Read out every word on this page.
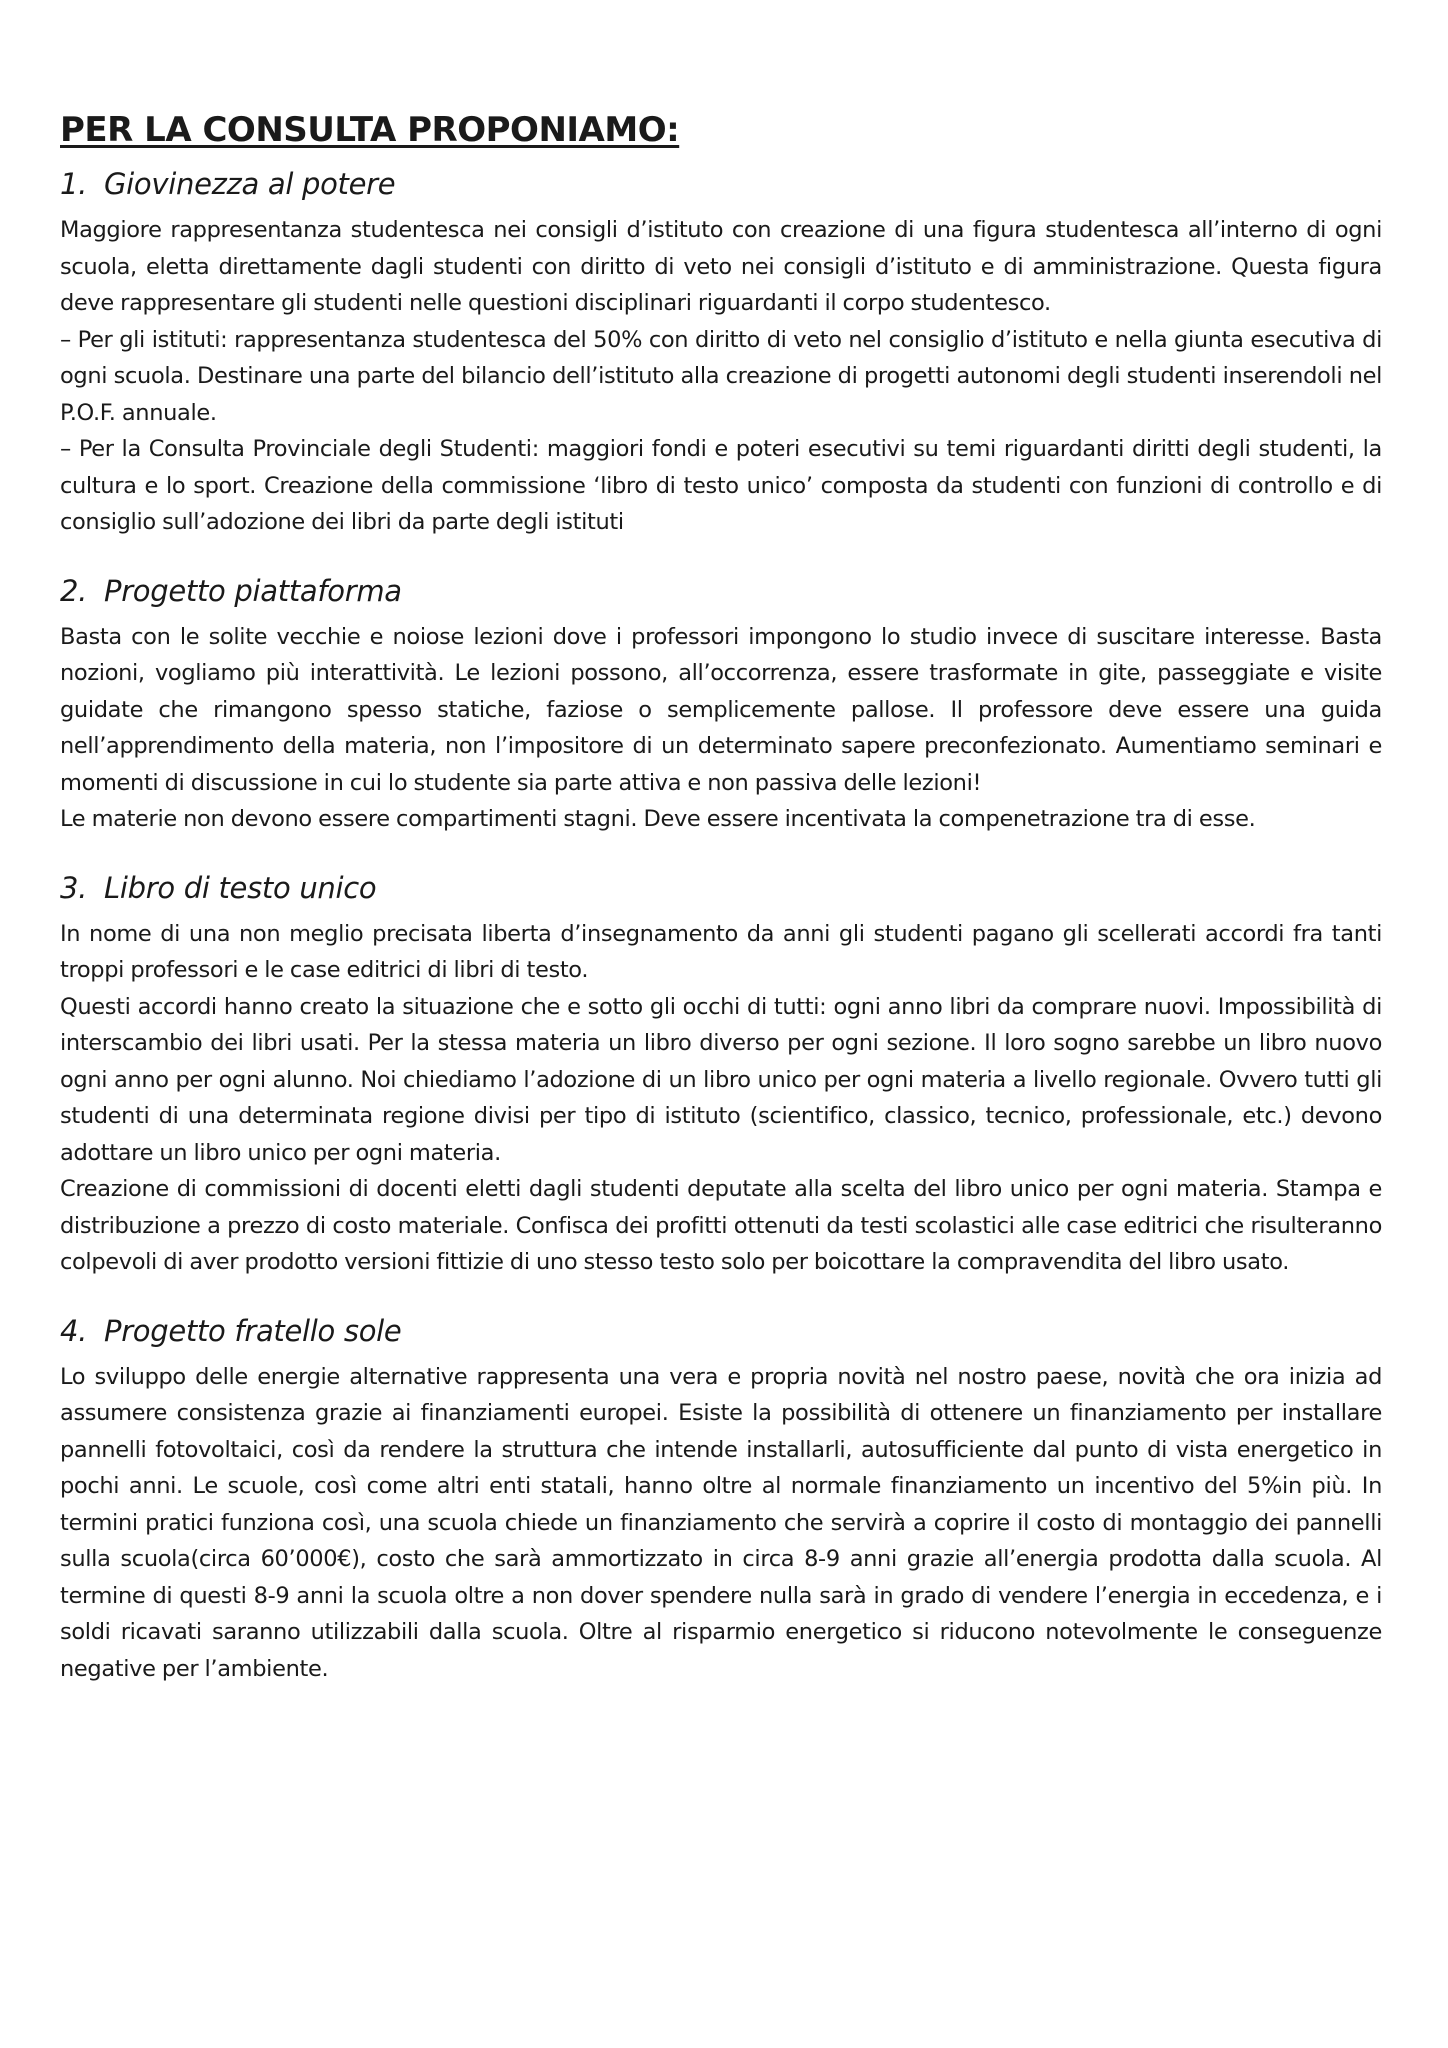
PER LA CONSULTA PROPONIAMO:
1. Giovinezza al potere

Maggiore rappresentanza studentesca nei consigli d’istituto con creazione di una figura studentesca all’interno di ogni scuola, eletta direttamente dagli studenti con diritto di veto nei consigli d’istituto e di amministrazione. Questa figura deve rappresentare gli studenti nelle questioni disciplinari riguardanti il corpo studentesco.

– Per gli istituti: rappresentanza studentesca del 50% con diritto di veto nel consiglio d’istituto e nella giunta esecutiva di ogni scuola. Destinare una parte del bilancio dell’istituto alla creazione di progetti autonomi degli studenti inserendoli nel P.O.F. annuale.

– Per la Consulta Provinciale degli Studenti: maggiori fondi e poteri esecutivi su temi riguardanti diritti degli studenti, la cultura e lo sport. Creazione della commissione ‘libro di testo unico’ composta da studenti con funzioni di controllo e di consiglio sull’adozione dei libri da parte degli istituti

2. Progetto piattaforma

Basta con le solite vecchie e noiose lezioni dove i professori impongono lo studio invece di suscitare interesse. Basta nozioni, vogliamo più interattività. Le lezioni possono, all’occorrenza, essere trasformate in gite, passeggiate e visite guidate che rimangono spesso statiche, faziose o semplicemente pallose. Il professore deve essere una guida nell’apprendimento della materia, non l’impositore di un determinato sapere preconfezionato. Aumentiamo seminari e momenti di discussione in cui lo studente sia parte attiva e non passiva delle lezioni!

Le materie non devono essere compartimenti stagni. Deve essere incentivata la compenetrazione tra di esse.

3. Libro di testo unico

In nome di una non meglio precisata liberta d’insegnamento da anni gli studenti pagano gli scellerati accordi fra tanti troppi professori e le case editrici di libri di testo.

Questi accordi hanno creato la situazione che e sotto gli occhi di tutti: ogni anno libri da comprare nuovi. Impossibilità di interscambio dei libri usati. Per la stessa materia un libro diverso per ogni sezione. Il loro sogno sarebbe un libro nuovo ogni anno per ogni alunno. Noi chiediamo l’adozione di un libro unico per ogni materia a livello regionale. Ovvero tutti gli studenti di una determinata regione divisi per tipo di istituto (scientifico, classico, tecnico, professionale, etc.) devono adottare un libro unico per ogni materia.

Creazione di commissioni di docenti eletti dagli studenti deputate alla scelta del libro unico per ogni materia. Stampa e distribuzione a prezzo di costo materiale. Confisca dei profitti ottenuti da testi scolastici alle case editrici che risulteranno colpevoli di aver prodotto versioni fittizie di uno stesso testo solo per boicottare la compravendita del libro usato.

4. Progetto fratello sole

Lo sviluppo delle energie alternative rappresenta una vera e propria novità nel nostro paese, novità che ora inizia ad assumere consistenza grazie ai finanziamenti europei. Esiste la possibilità di ottenere un finanziamento per installare pannelli fotovoltaici, così da rendere la struttura che intende installarli, autosufficiente dal punto di vista energetico in pochi anni. Le scuole, così come altri enti statali, hanno oltre al normale finanziamento un incentivo del 5%in più. In termini pratici funziona così, una scuola chiede un finanziamento che servirà a coprire il costo di montaggio dei pannelli sulla scuola(circa 60’000€), costo che sarà ammortizzato in circa 8-9 anni grazie all’energia prodotta dalla scuola. Al termine di questi 8-9 anni la scuola oltre a non dover spendere nulla sarà in grado di vendere l’energia in eccedenza, e i soldi ricavati saranno utilizzabili dalla scuola. Oltre al risparmio energetico si riducono notevolmente le conseguenze negative per l’ambiente.
